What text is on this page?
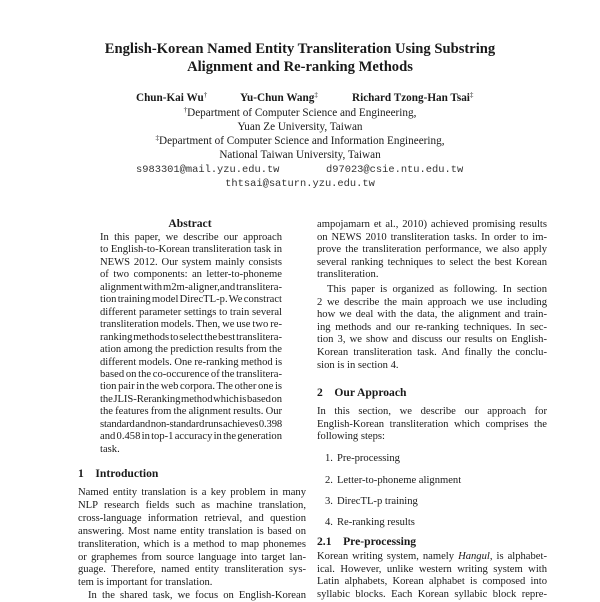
English-Korean Named Entity Transliteration Using Substring
Alignment and Re-ranking Methods
Chun-Kai Wu†	Yu-Chun Wang‡	Richard Tzong-Han Tsai‡
†Department of Computer Science and Engineering,
Yuan Ze University, Taiwan
‡Department of Computer Science and Information Engineering,
National Taiwan University, Taiwan
s983301@mail.yzu.edu.tw	d97023@csie.ntu.edu.tw
thtsai@saturn.yzu.edu.tw
Abstract
In this paper, we describe our approach
to English-to-Korean transliteration task in
NEWS 2012. Our system mainly consists
of two components: an letter-to-phoneme
alignment with m2m-aligner,and translitera-
tion training model DirecTL-p. We constract
different parameter settings to train several
transliteration models. Then, we use two re-
ranking methods to select the best translitera-
ation among the prediction results from the
different models. One re-ranking method is
based on the co-occurence of the translitera-
tion pair in the web corpora. The other one is
the JLIS-Reranking method which is based on
the features from the alignment results. Our
standard and non-standard runs achieves 0.398
and 0.458 in top-1 accuracy in the generation
task.
1 Introduction
Named entity translation is a key problem in many
NLP research fields such as machine translation,
cross-language information retrieval, and question
answering. Most name entity translation is based on
transliteration, which is a method to map phonemes
or graphemes from source language into target lan-
guage. Therefore, named entity transliteration sys-
tem is important for translation.
In the shared task, we focus on English-Korean
ampojamarn et al., 2010) achieved promising results
on NEWS 2010 transliteration tasks. In order to im-
prove the transliteration performance, we also apply
several ranking techniques to select the best Korean
transliteration.
This paper is organized as following. In section
2 we describe the main approach we use including
how we deal with the data, the alignment and train-
ing methods and our re-ranking techniques. In sec-
tion 3, we show and discuss our results on English-
Korean transliteration task. And finally the conclu-
sion is in section 4.
2 Our Approach
In this section, we describe our approach for
English-Korean transliteration which comprises the
following steps:
1. Pre-processing
2. Letter-to-phoneme alignment
3. DirecTL-p training
4. Re-ranking results
2.1 Pre-processing
Korean writing system, namely Hangul, is alphabet-
ical. However, unlike western writing system with
Latin alphabets, Korean alphabet is composed into
syllabic blocks. Each Korean syllabic block repre-
